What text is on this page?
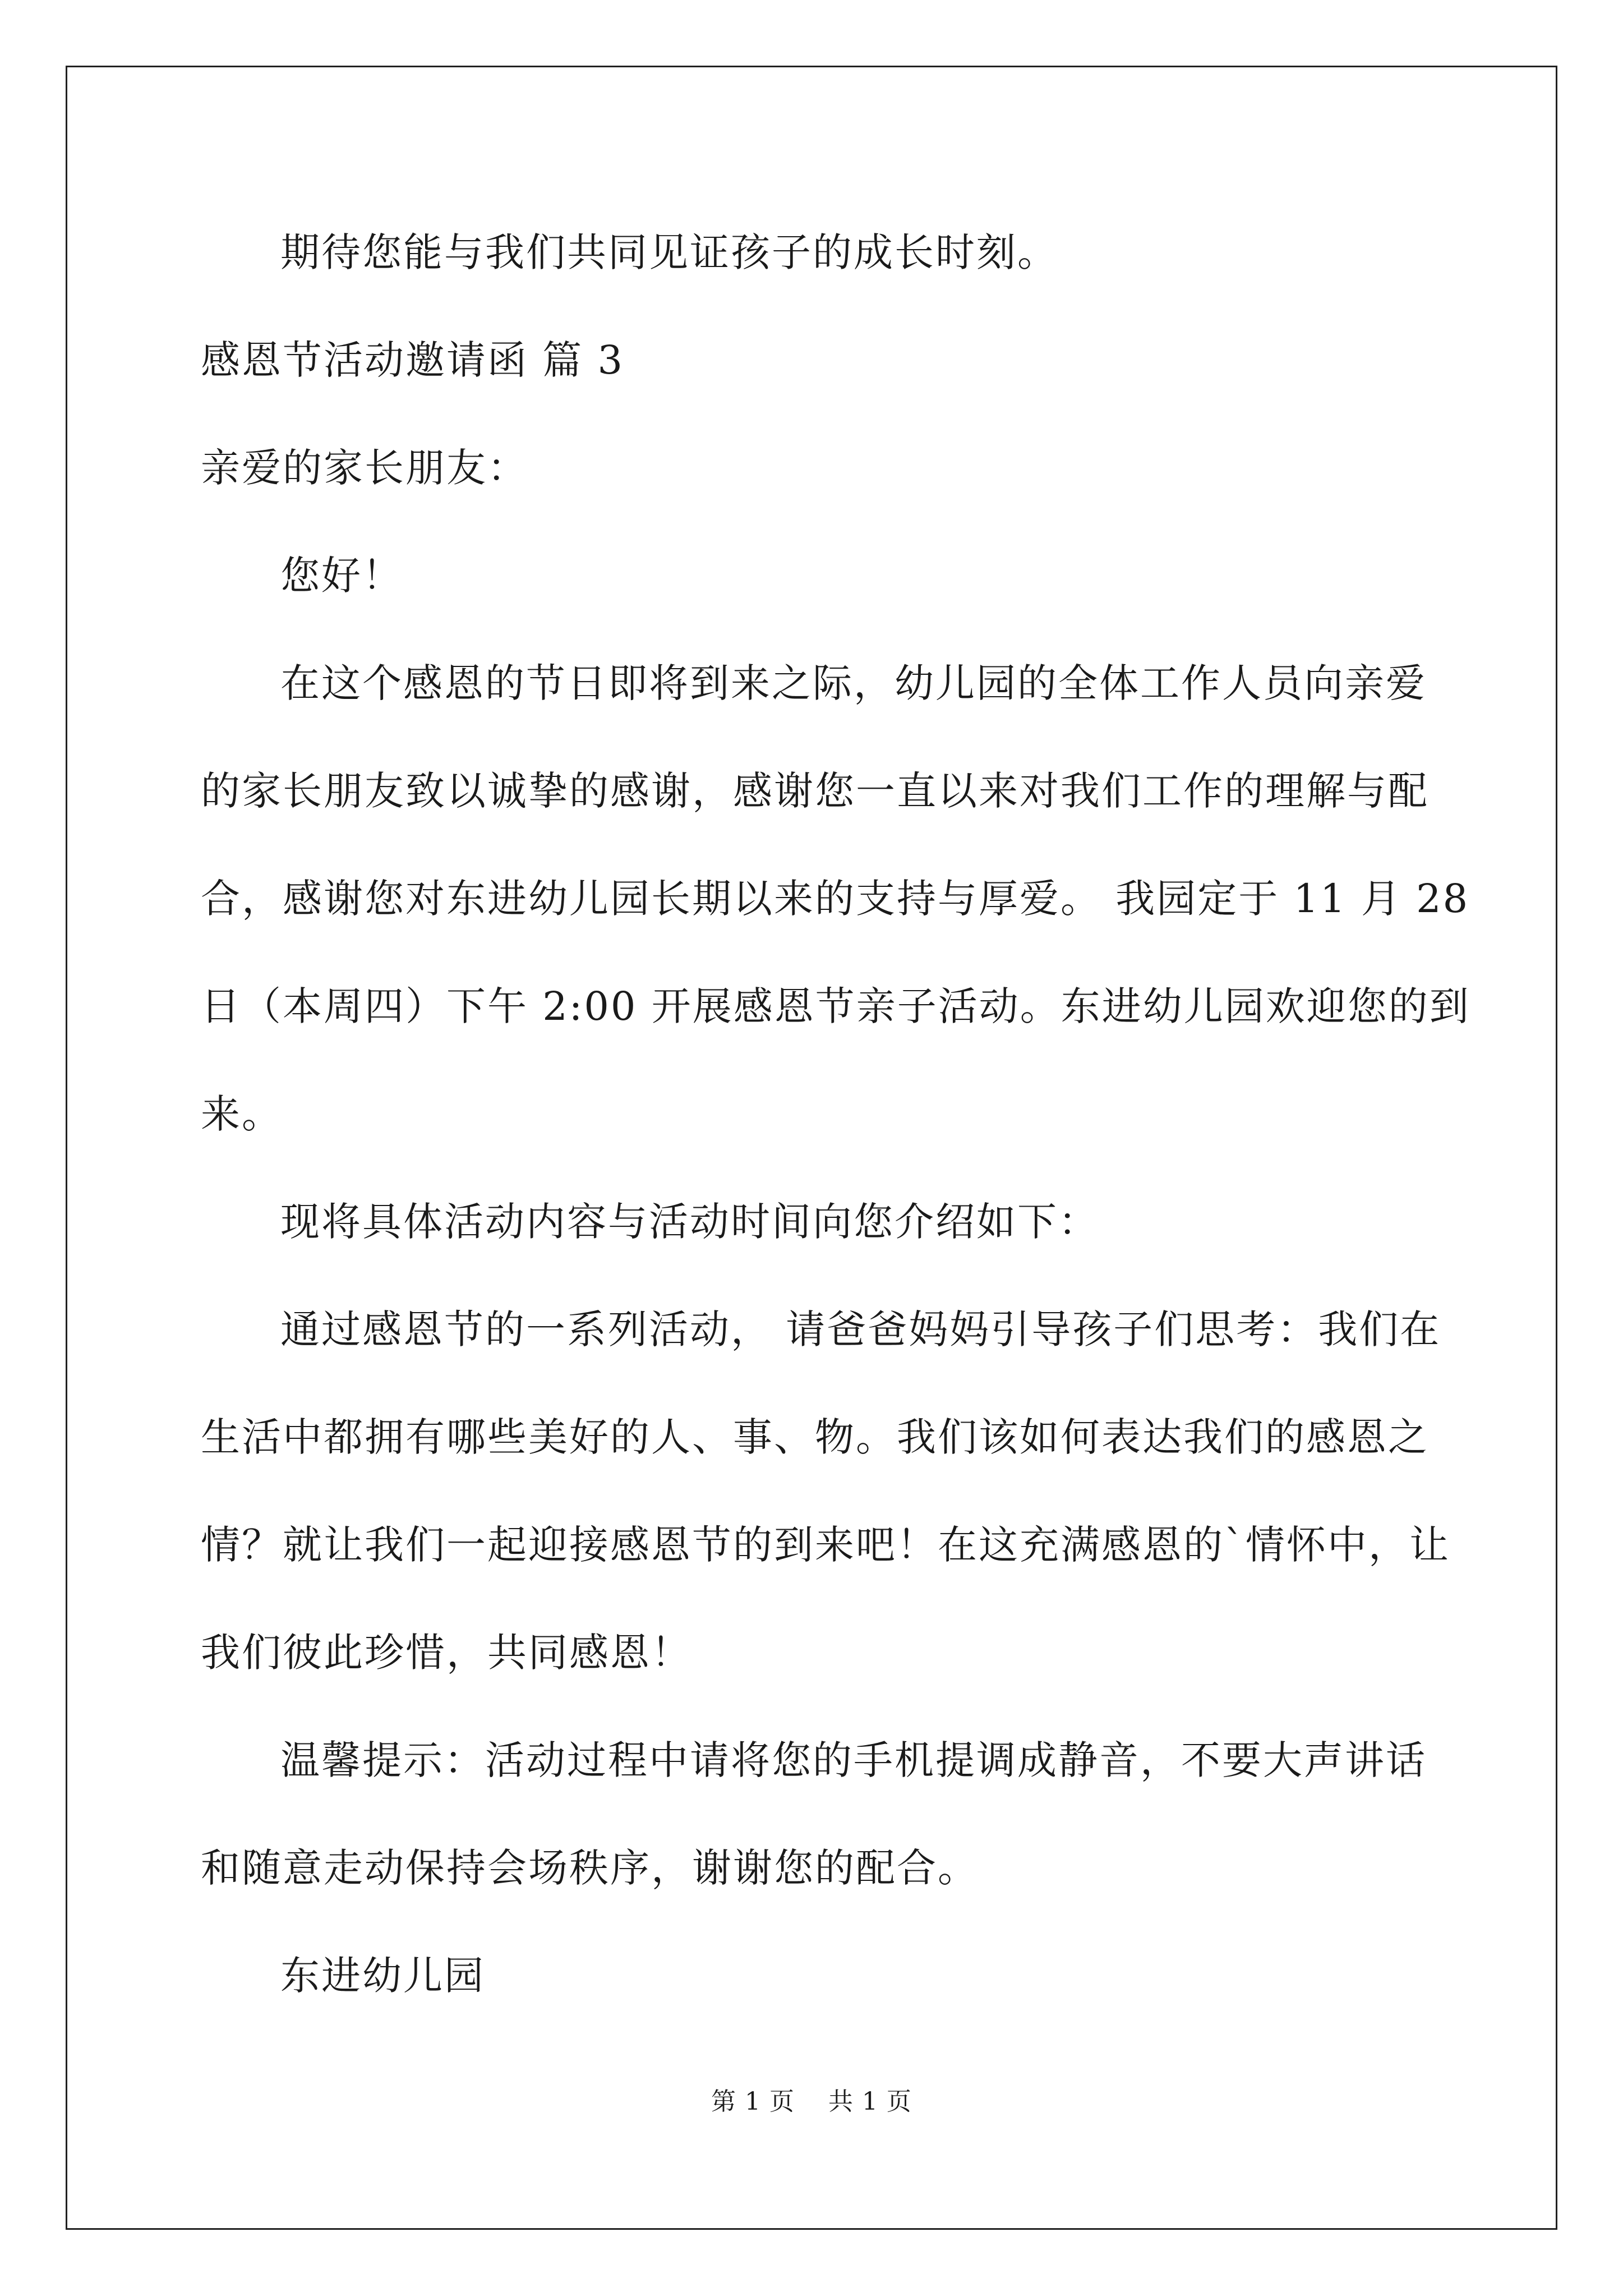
期待您能与我们共同见证孩子的成长时刻。
感恩节活动邀请函 篇 3
亲爱的家长朋友：
您好！
在这个感恩的节日即将到来之际，幼儿园的全体工作人员向亲爱
的家长朋友致以诚挚的感谢，感谢您一直以来对我们工作的理解与配
合，感谢您对东进幼儿园长期以来的支持与厚爱。 我园定于 11 月 28
日（本周四）下午 2:00 开展感恩节亲子活动。东进幼儿园欢迎您的到
来。
现将具体活动内容与活动时间向您介绍如下：
通过感恩节的一系列活动， 请爸爸妈妈引导孩子们思考：我们在
生活中都拥有哪些美好的人、事、物。我们该如何表达我们的感恩之
情？就让我们一起迎接感恩节的到来吧！在这充满感恩的`情怀中，让
我们彼此珍惜，共同感恩！
温馨提示：活动过程中请将您的手机提调成静音，不要大声讲话
和随意走动保持会场秩序，谢谢您的配合。
东进幼儿园
第 1 页 共 1 页
